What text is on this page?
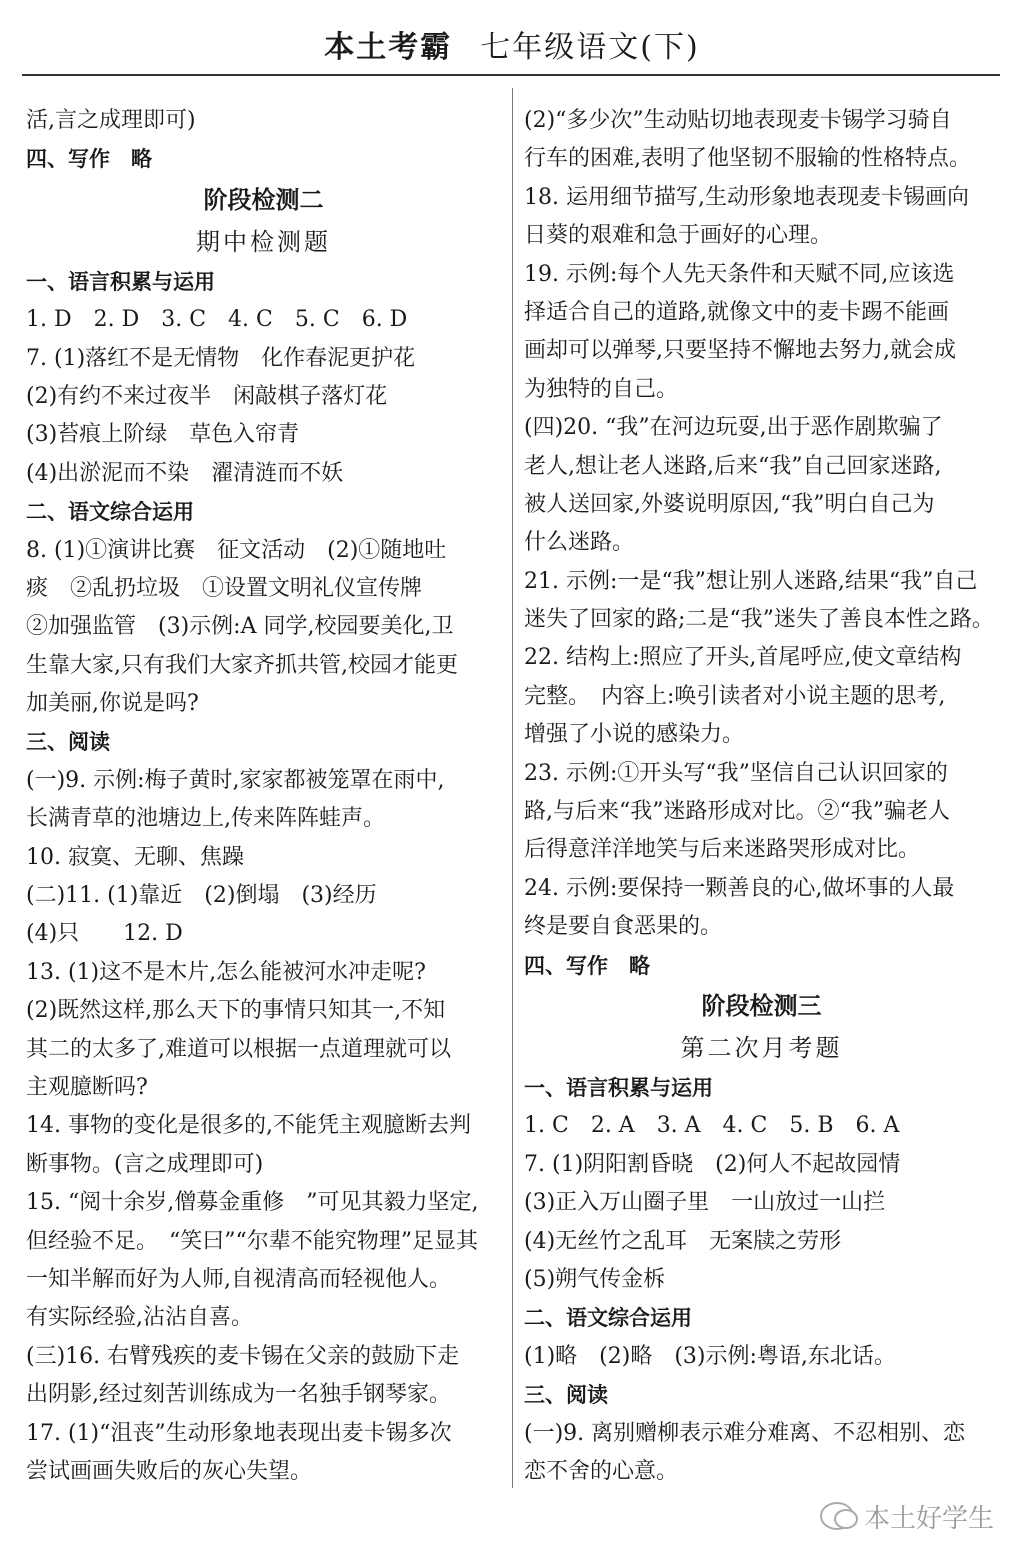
本土考霸 七年级语文(下)
活,言之成理即可)
四、写作　略
阶段检测二
期中检测题
一、语言积累与运用
1. D　2. D　3. C　4. C　5. C　6. D
7. (1)落红不是无情物　化作春泥更护花
(2)有约不来过夜半　闲敲棋子落灯花
(3)苔痕上阶绿　草色入帘青
(4)出淤泥而不染　濯清涟而不妖
二、语文综合运用
8. (1)①演讲比赛　征文活动　(2)①随地吐
痰　②乱扔垃圾　①设置文明礼仪宣传牌
②加强监管　(3)示例:A 同学,校园要美化,卫
生靠大家,只有我们大家齐抓共管,校园才能更
加美丽,你说是吗?
三、阅读
(一)9. 示例:梅子黄时,家家都被笼罩在雨中,
长满青草的池塘边上,传来阵阵蛙声。
10. 寂寞、无聊、焦躁
(二)11. (1)靠近　(2)倒塌　(3)经历
(4)只　　12. D
13. (1)这不是木片,怎么能被河水冲走呢?
(2)既然这样,那么天下的事情只知其一,不知
其二的太多了,难道可以根据一点道理就可以
主观臆断吗?
14. 事物的变化是很多的,不能凭主观臆断去判
断事物。(言之成理即可)
15. “阅十余岁,僧募金重修　”可见其毅力坚定,
但经验不足。　“笑曰”“尔辈不能究物理”足显其
一知半解而好为人师,自视清高而轻视他人。
有实际经验,沾沾自喜。
(三)16. 右臂残疾的麦卡锡在父亲的鼓励下走
出阴影,经过刻苦训练成为一名独手钢琴家。
17. (1)“沮丧”生动形象地表现出麦卡锡多次
尝试画画失败后的灰心失望。
(2)“多少次”生动贴切地表现麦卡锡学习骑自
行车的困难,表明了他坚韧不服输的性格特点。
18. 运用细节描写,生动形象地表现麦卡锡画向
日葵的艰难和急于画好的心理。
19. 示例:每个人先天条件和天赋不同,应该选
择适合自己的道路,就像文中的麦卡踢不能画
画却可以弹琴,只要坚持不懈地去努力,就会成
为独特的自己。
(四)20. “我”在河边玩耍,出于恶作剧欺骗了
老人,想让老人迷路,后来“我”自己回家迷路,
被人送回家,外婆说明原因,“我”明白自己为
什么迷路。
21. 示例:一是“我”想让别人迷路,结果“我”自己
迷失了回家的路;二是“我”迷失了善良本性之路。
22. 结构上:照应了开头,首尾呼应,使文章结构
完整。　内容上:唤引读者对小说主题的思考,
增强了小说的感染力。
23. 示例:①开头写“我”坚信自己认识回家的
路,与后来“我”迷路形成对比。②“我”骗老人
后得意洋洋地笑与后来迷路哭形成对比。
24. 示例:要保持一颗善良的心,做坏事的人最
终是要自食恶果的。
四、写作　略
阶段检测三
第二次月考题
一、语言积累与运用
1. C　2. A　3. A　4. C　5. B　6. A
7. (1)阴阳割昏晓　(2)何人不起故园情
(3)正入万山圈子里　一山放过一山拦
(4)无丝竹之乱耳　无案牍之劳形
(5)朔气传金柝
二、语文综合运用
(1)略　(2)略　(3)示例:粤语,东北话。
三、阅读
(一)9. 离别赠柳表示难分难离、不忍相别、恋
恋不舍的心意。
本土好学生
